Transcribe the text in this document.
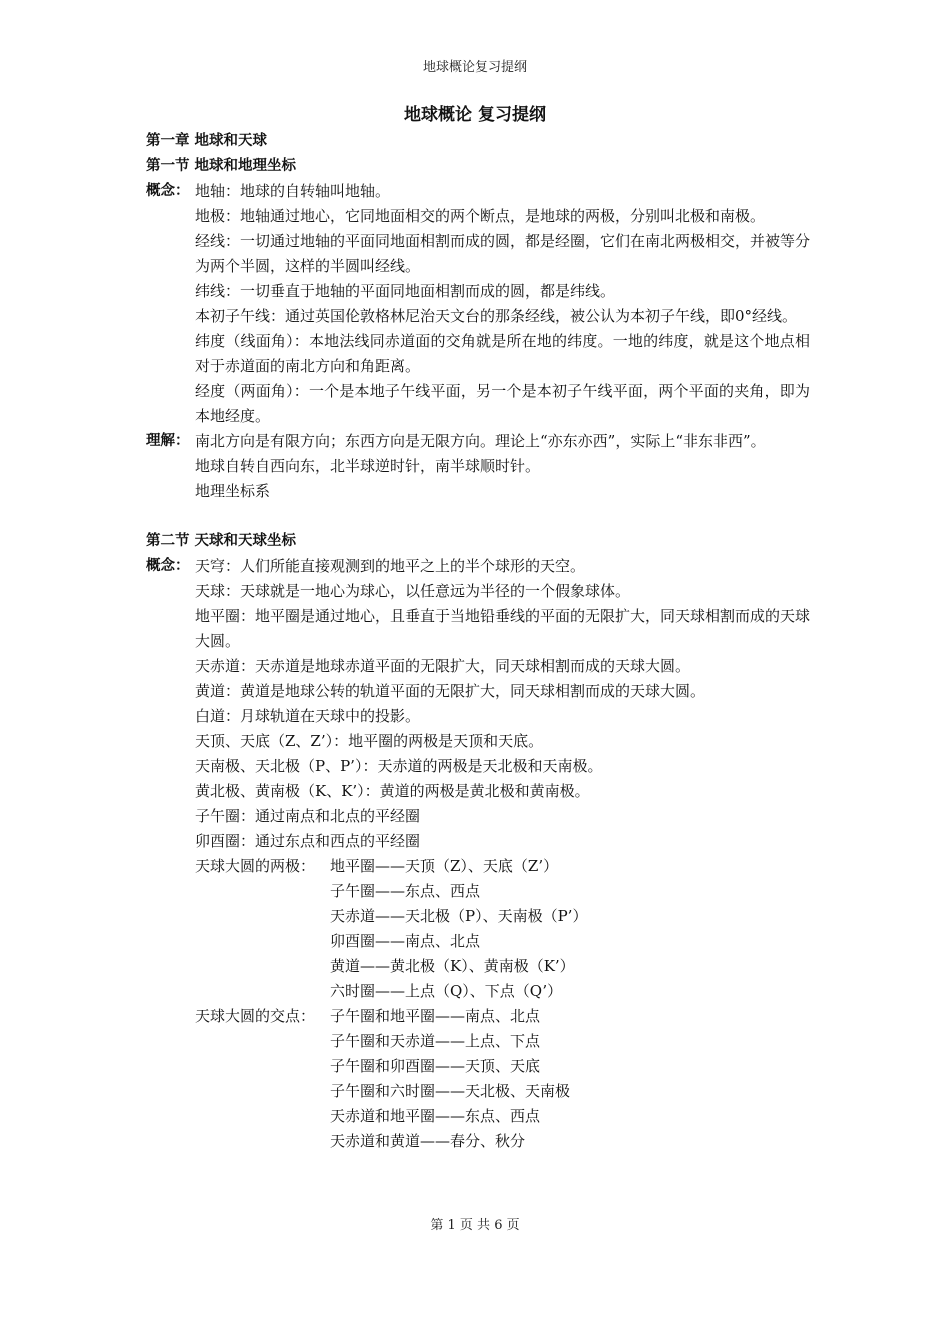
地球概论复习提纲
地球概论 复习提纲
第一章 地球和天球
第一节 地球和地理坐标
概念： 地轴：地球的自转轴叫地轴。
地极：地轴通过地心，它同地面相交的两个断点，是地球的两极，分别叫北极和南极。
经线：一切通过地轴的平面同地面相割而成的圆，都是经圈，它们在南北两极相交，并被等分为两个半圆，这样的半圆叫经线。
纬线：一切垂直于地轴的平面同地面相割而成的圆，都是纬线。
本初子午线：通过英国伦敦格林尼治天文台的那条经线，被公认为本初子午线，即0°经线。
纬度（线面角）：本地法线同赤道面的交角就是所在地的纬度。一地的纬度，就是这个地点相对于赤道面的南北方向和角距离。
经度（两面角）：一个是本地子午线平面，另一个是本初子午线平面，两个平面的夹角，即为本地经度。
理解： 南北方向是有限方向；东西方向是无限方向。理论上“亦东亦西”，实际上“非东非西”。
地球自转自西向东，北半球逆时针，南半球顺时针。
地理坐标系
第二节 天球和天球坐标
概念： 天穹：人们所能直接观测到的地平之上的半个球形的天空。
天球：天球就是一地心为球心，以任意远为半径的一个假象球体。
地平圈：地平圈是通过地心，且垂直于当地铅垂线的平面的无限扩大，同天球相割而成的天球大圆。
天赤道：天赤道是地球赤道平面的无限扩大，同天球相割而成的天球大圆。
黄道：黄道是地球公转的轨道平面的无限扩大，同天球相割而成的天球大圆。
白道：月球轨道在天球中的投影。
天顶、天底（Z、Z’）：地平圈的两极是天顶和天底。
天南极、天北极（P、P’）：天赤道的两极是天北极和天南极。
黄北极、黄南极（K、K’）：黄道的两极是黄北极和黄南极。
子午圈：通过南点和北点的平经圈
卯酉圈：通过东点和西点的平经圈
天球大圆的两极： 地平圈——天顶（Z）、天底（Z’）
子午圈——东点、西点
天赤道——天北极（P）、天南极（P’）
卯酉圈——南点、北点
黄道——黄北极（K）、黄南极（K’）
六时圈——上点（Q）、下点（Q’）
天球大圆的交点： 子午圈和地平圈——南点、北点
子午圈和天赤道——上点、下点
子午圈和卯酉圈——天顶、天底
子午圈和六时圈——天北极、天南极
天赤道和地平圈——东点、西点
天赤道和黄道——春分、秋分
第 1 页 共 6 页
